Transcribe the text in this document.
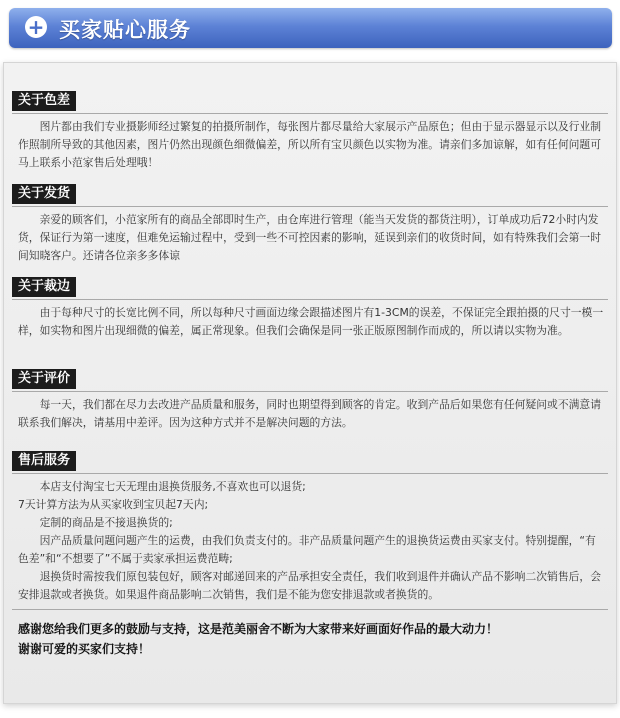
+ 买家贴心服务
关于色差

图片都由我们专业摄影师经过繁复的拍摄所制作，每张图片都尽量给大家展示产品原色；但由于显示器显示以及行业制作照制所导致的其他因素，图片仍然出现颜色细微偏差，所以所有宝贝颜色以实物为准。请亲们多加谅解，如有任何问题可马上联系小范家售后处理哦！

关于发货

亲爱的顾客们，小范家所有的商品全部即时生产，由仓库进行管理（能当天发货的都货注明），订单成功后72小时内发货，保证行为第一速度，但难免运输过程中，受到一些不可控因素的影响，延误到亲们的收货时间，如有特殊我们会第一时间知晓客户。还请各位亲多多体谅

关于裁边

由于每种尺寸的长宽比例不同，所以每种尺寸画面边缘会跟描述图片有1-3CM的误差，不保证完全跟拍摄的尺寸一模一样，如实物和图片出现细微的偏差，属正常现象。但我们会确保是同一张正版原图制作而成的，所以请以实物为准。

关于评价

每一天，我们都在尽力去改进产品质量和服务，同时也期望得到顾客的肯定。收到产品后如果您有任何疑问或不满意请联系我们解决，请基用中差评。因为这种方式并不是解决问题的方法。

售后服务

本店支付淘宝七天无理由退换货服务,不喜欢也可以退货;

7天计算方法为从买家收到宝贝起7天内;

定制的商品是不接退换货的;

因产品质量问题问题产生的运费，由我们负责支付的。非产品质量问题产生的退换货运费由买家支付。特别提醒，“有色差”和“不想要了”不属于卖家承担运费范畴;

退换货时需按我们原包装包好，顾客对邮递回来的产品承担安全责任，我们收到退件并确认产品不影响二次销售后，会安排退款或者换货。如果退件商品影响二次销售，我们是不能为您安排退款或者换货的。

感谢您给我们更多的鼓励与支持，这是范美丽舍不断为大家带来好画面好作品的最大动力！
谢谢可爱的买家们支持！
